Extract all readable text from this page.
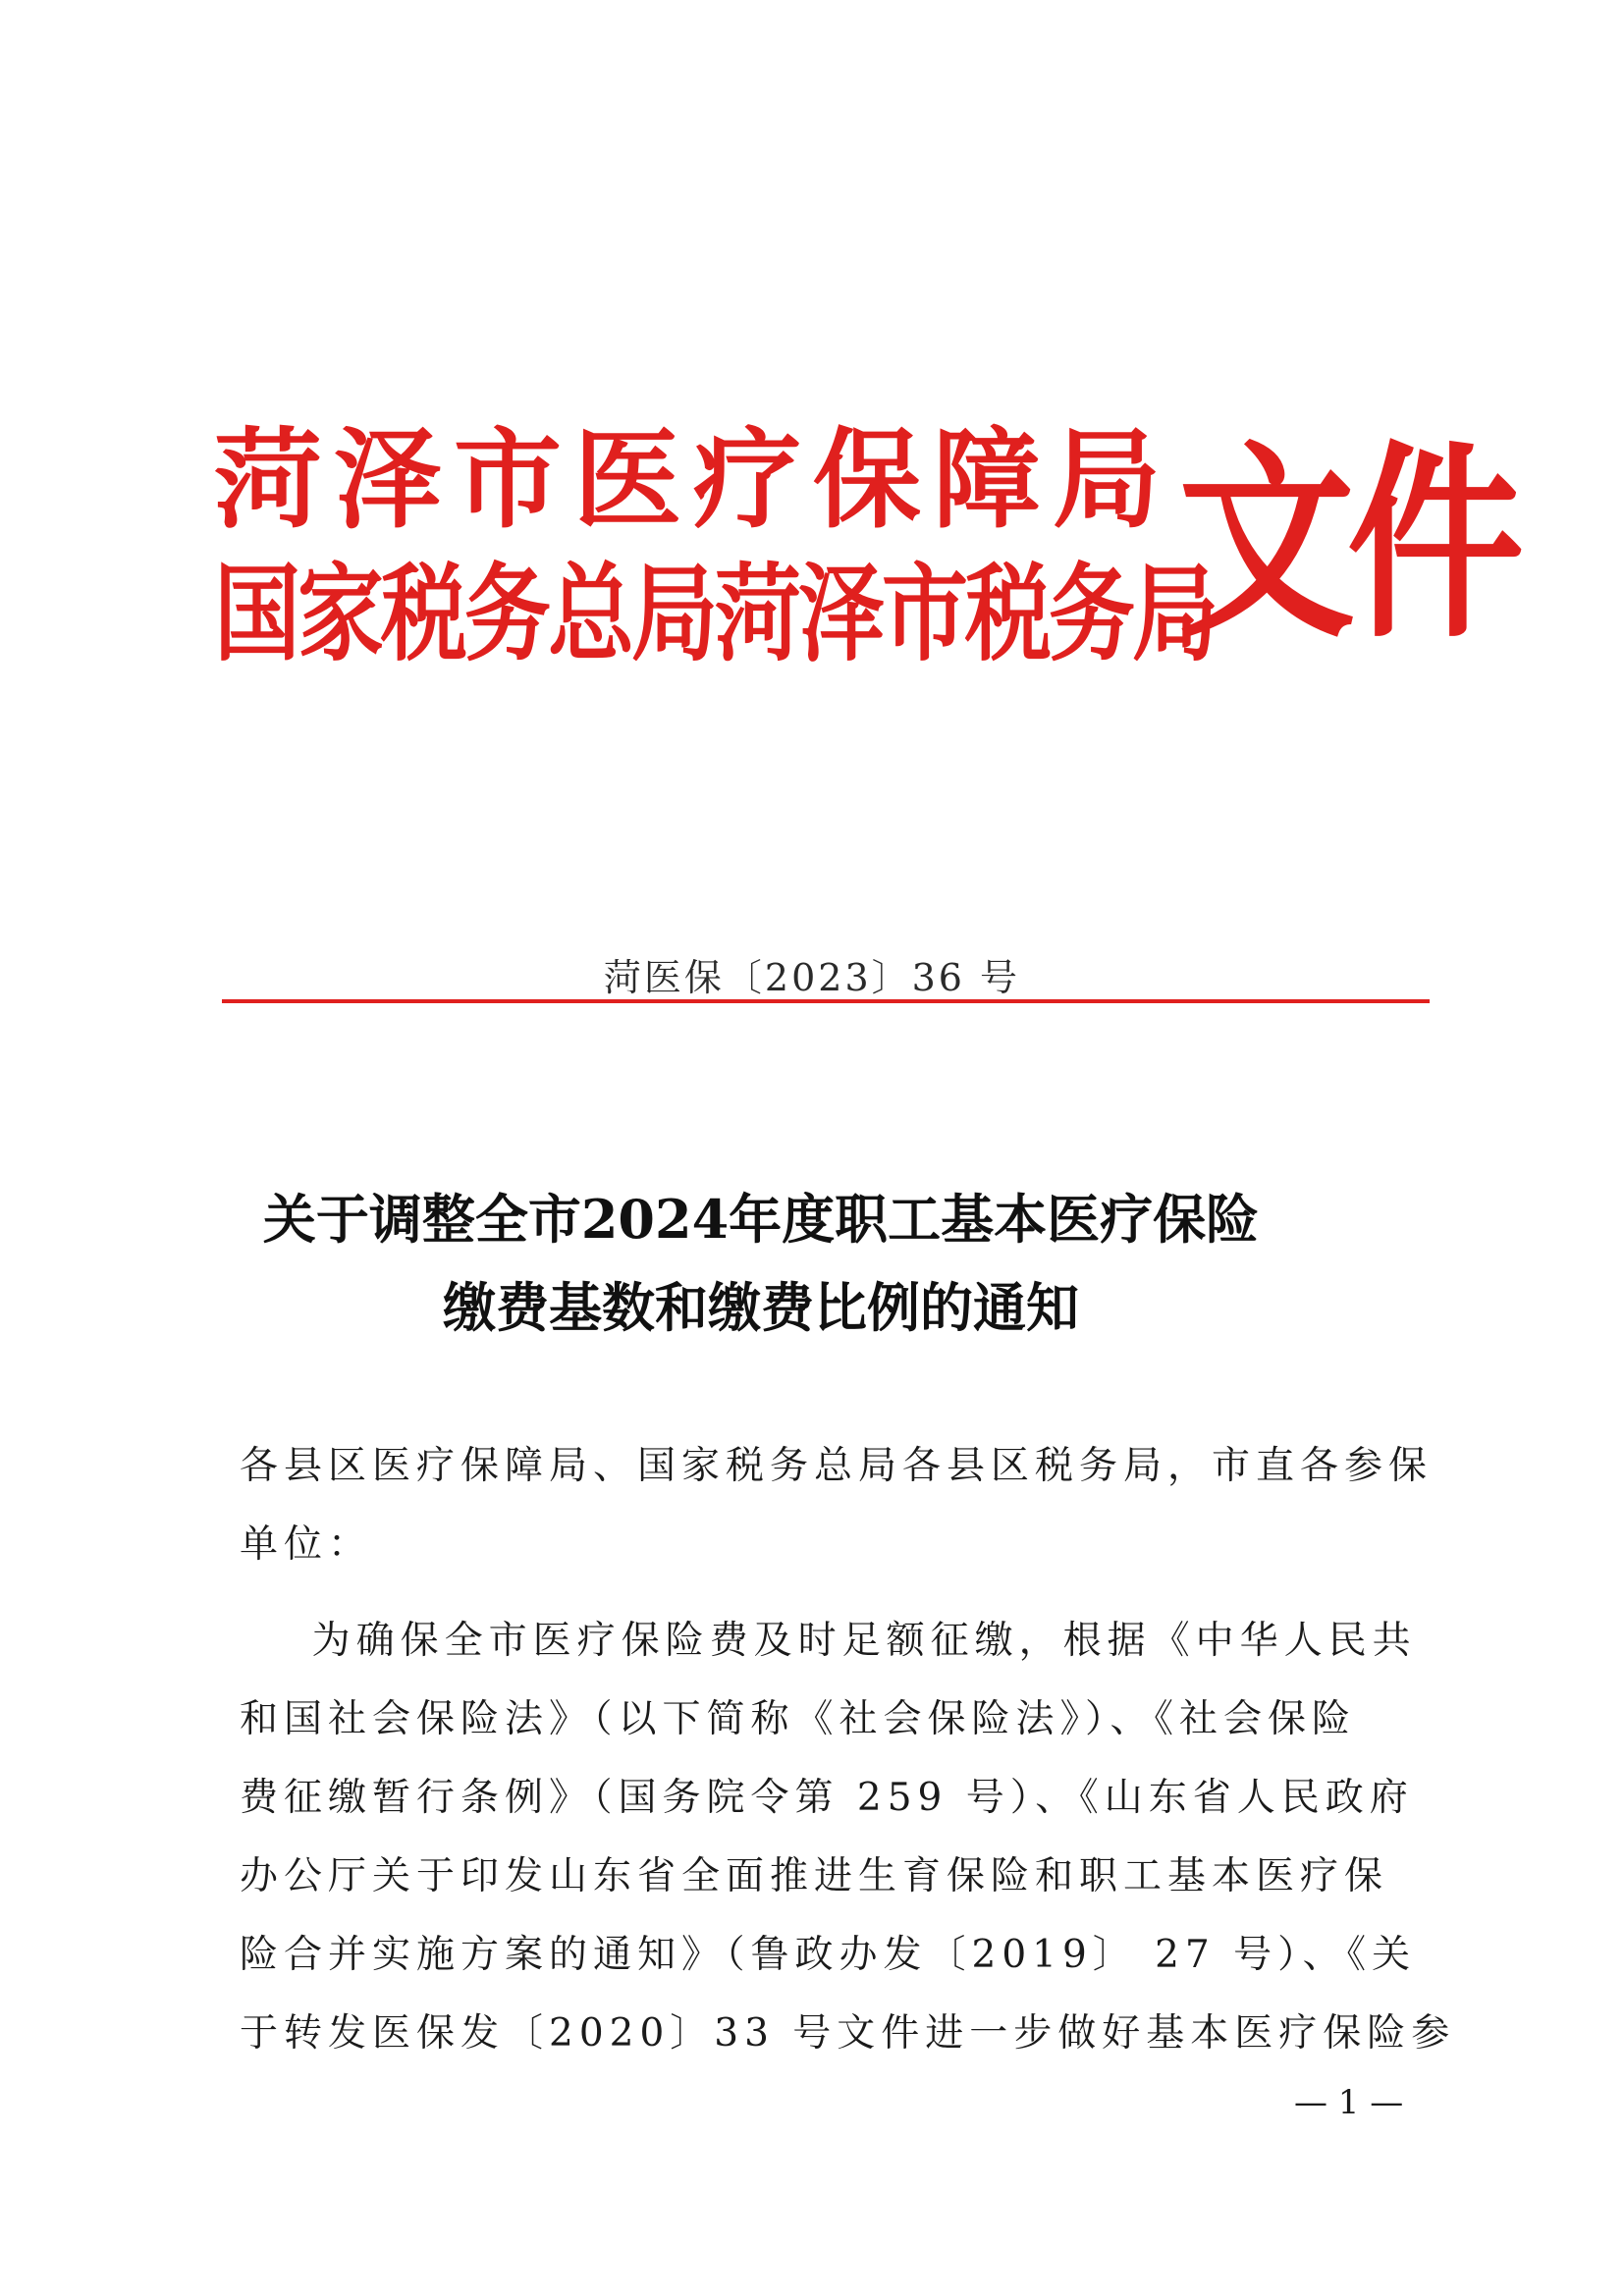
菏泽市医疗保障局
国家税务总局菏泽市税务局
文件
菏医保〔2023〕36 号
关于调整全市2024年度职工基本医疗保险
缴费基数和缴费比例的通知
各县区医疗保障局、国家税务总局各县区税务局，市直各参保
单位：
为确保全市医疗保险费及时足额征缴，根据《中华人民共
和国社会保险法》（以下简称《社会保险法》）、《社会保险
费征缴暂行条例》（国务院令第 259 号）、《山东省人民政府
办公厅关于印发山东省全面推进生育保险和职工基本医疗保
险合并实施方案的通知》（鲁政办发〔2019〕 27 号）、《关
于转发医保发〔2020〕33 号文件进一步做好基本医疗保险参
— 1 —
